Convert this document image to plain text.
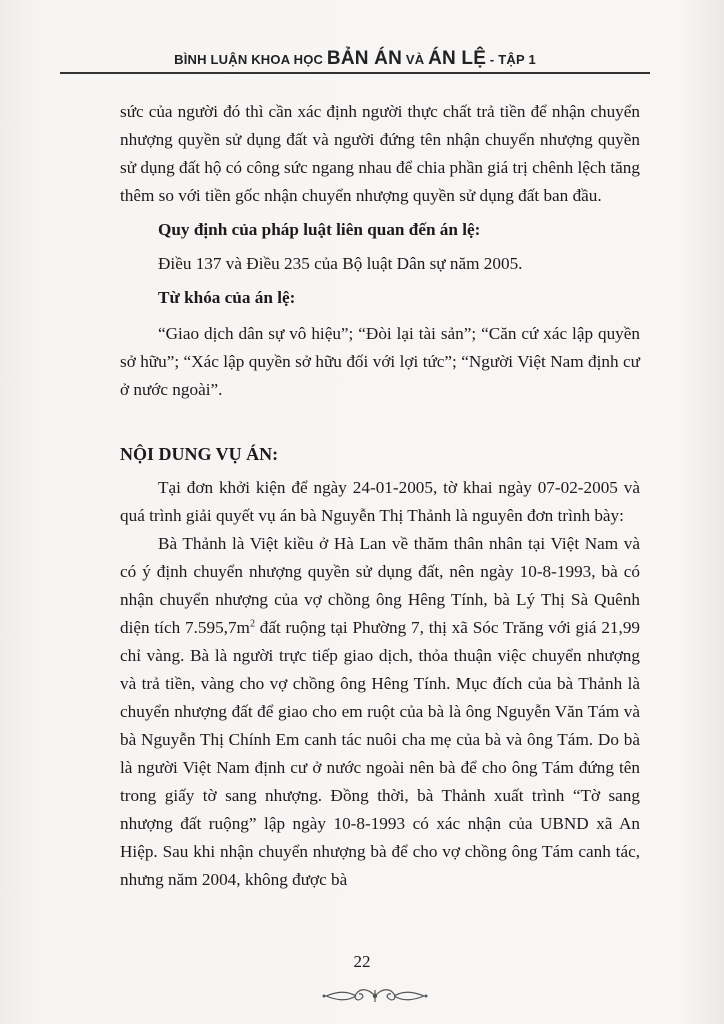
BÌNH LUẬN KHOA HỌC BẢN ÁN VÀ ÁN LỆ - TẬP 1

sức của người đó thì cần xác định người thực chất trả tiền để nhận chuyển nhượng quyền sử dụng đất và người đứng tên nhận chuyển nhượng quyền sử dụng đất hộ có công sức ngang nhau để chia phần giá trị chênh lệch tăng thêm so với tiền gốc nhận chuyển nhượng quyền sử dụng đất ban đầu.

Quy định của pháp luật liên quan đến án lệ:

Điều 137 và Điều 235 của Bộ luật Dân sự năm 2005.

Từ khóa của án lệ:

“Giao dịch dân sự vô hiệu”; “Đòi lại tài sản”; “Căn cứ xác lập quyền sở hữu”; “Xác lập quyền sở hữu đối với lợi tức”; “Người Việt Nam định cư ở nước ngoài”.

NỘI DUNG VỤ ÁN:

Tại đơn khởi kiện để ngày 24-01-2005, tờ khai ngày 07-02-2005 và quá trình giải quyết vụ án bà Nguyễn Thị Thảnh là nguyên đơn trình bày:

Bà Thảnh là Việt kiều ở Hà Lan về thăm thân nhân tại Việt Nam và có ý định chuyển nhượng quyền sử dụng đất, nên ngày 10-8-1993, bà có nhận chuyển nhượng của vợ chồng ông Hêng Tính, bà Lý Thị Sà Quênh diện tích $7.595,7m^2$ đất ruộng tại Phường 7, thị xã Sóc Trăng với giá 21,99 chỉ vàng. Bà là người trực tiếp giao dịch, thỏa thuận việc chuyển nhượng và trả tiền, vàng cho vợ chồng ông Hêng Tính. Mục đích của bà Thảnh là chuyển nhượng đất để giao cho em ruột của bà là ông Nguyễn Văn Tám và bà Nguyễn Thị Chính Em canh tác nuôi cha mẹ của bà và ông Tám. Do bà là người Việt Nam định cư ở nước ngoài nên bà để cho ông Tám đứng tên trong giấy tờ sang nhượng. Đồng thời, bà Thảnh xuất trình “Tờ sang nhượng đất ruộng” lập ngày 10-8-1993 có xác nhận của UBND xã An Hiệp. Sau khi nhận chuyển nhượng bà để cho vợ chồng ông Tám canh tác, nhưng năm 2004, không được bà

22
